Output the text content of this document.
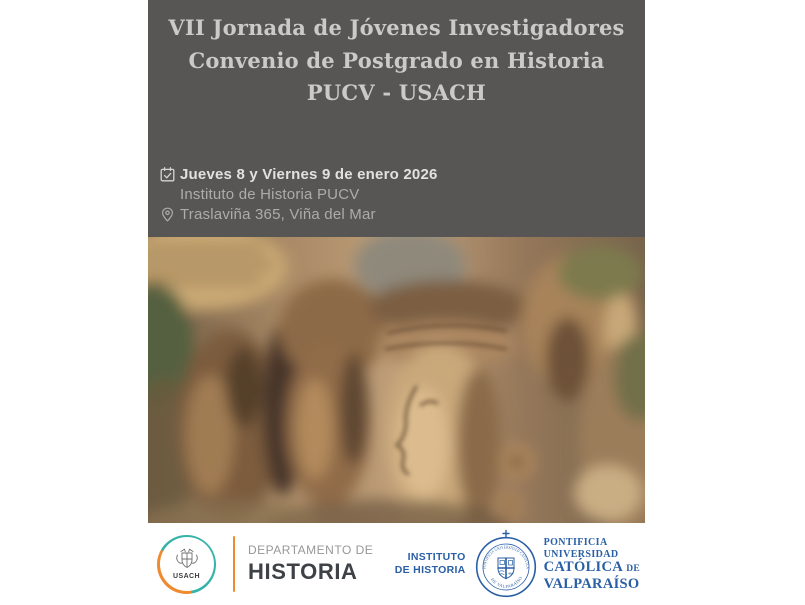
VII Jornada de Jóvenes Investigadores
Convenio de Postgrado en Historia
PUCV - USACH
Jueves 8 y Viernes 9 de enero 2026
Instituto de Historia PUCV
Traslaviña 365, Viña del Mar
USACH
DEPARTAMENTO DE
HISTORIA
INSTITUTO
DE HISTORIA	666
PONTIFICIA UNIVERSIDAD CATÓLICA
DE VALPARAÍSO
PONTIFICIA
UNIVERSIDAD
CATÓLICA DE
VALPARAÍSO
